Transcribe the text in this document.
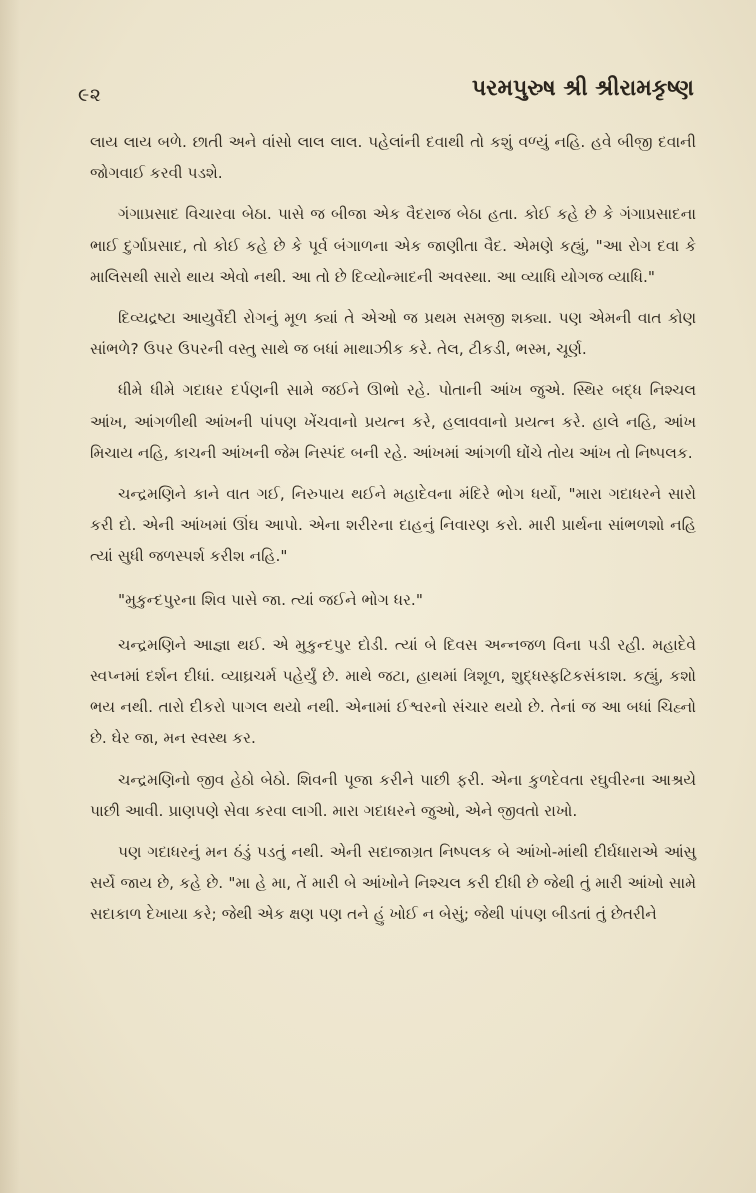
૯૨	પરમપુરુષ શ્રી શ્રીરામકૃષ્ણ

લાય લાય બળે. છાતી અને વાંસો લાલ લાલ. પહેલાંની દવાથી તો કશું વળ્યું નહિ. હવે બીજી દવાની જોગવાઈ કરવી પડશે.

ગંગાપ્રસાદ વિચારવા બેઠા. પાસે જ બીજા એક વૈદરાજ બેઠા હતા. કોઈ કહે છે કે ગંગાપ્રસાદના ભાઈ દુર્ગાપ્રસાદ, તો કોઈ કહે છે કે પૂર્વ બંગાળના એક જાણીતા વૈદ. એમણે કહ્યું, "આ રોગ દવા કે માલિસથી સારો થાય એવો નથી. આ તો છે દિવ્યોન્માદની અવસ્થા. આ વ્યાધિ યોગજ વ્યાધિ."

દિવ્યદ્રષ્ટા આયુર્વેદી રોગનું મૂળ ક્યાં તે એઓ જ પ્રથમ સમજી શક્યા. પણ એમની વાત કોણ સાંભળે? ઉપર ઉપરની વસ્તુ સાથે જ બધાં માથાઝીક કરે. તેલ, ટીકડી, ભસ્મ, ચૂર્ણ.

ધીમે ધીમે ગદાધર દર્પણની સામે જઈને ઊભો રહે. પોતાની આંખ જુએ. સ્થિર બદ્ધ નિશ્ચલ આંખ, આંગળીથી આંખની પાંપણ ખેંચવાનો પ્રયત્ન કરે, હલાવવાનો પ્રયત્ન કરે. હાલે નહિ, આંખ મિચાય નહિ, કાચની આંખની જેમ નિસ્પંદ બની રહે. આંખમાં આંગળી ઘોંચે તોય આંખ તો નિષ્પલક.

ચન્દ્રમણિને કાને વાત ગઈ, નિરુપાય થઈને મહાદેવના મંદિરે ભોગ ધર્યો, "મારા ગદાધરને સારો કરી દો. એની આંખમાં ઊંઘ આપો. એના શરીરના દાહનું નિવારણ કરો. મારી પ્રાર્થના સાંભળશો નહિ ત્યાં સુધી જળસ્પર્શ કરીશ નહિ."

"મુકુન્દપુરના શિવ પાસે જા. ત્યાં જઈને ભોગ ધર."

ચન્દ્રમણિને આજ્ઞા થઈ. એ મુકુન્દપુર દોડી. ત્યાં બે દિવસ અન્નજળ વિના પડી રહી. મહાદેવે સ્વપ્નમાં દર્શન દીધાં. વ્યાઘ્રચર્મ પહેર્યું છે. માથે જટા, હાથમાં ત્રિશૂળ, શુદ્ધસ્ફટિકસંકાશ. કહ્યું, કશો ભય નથી. તારો દીકરો પાગલ થયો નથી. એનામાં ઈશ્વરનો સંચાર થયો છે. તેનાં જ આ બધાં ચિહ્નો છે. ઘેર જા, મન સ્વસ્થ કર.

ચન્દ્રમણિનો જીવ હેઠો બેઠો. શિવની પૂજા કરીને પાછી ફરી. એના કુળદેવતા રઘુવીરના આશ્રયે પાછી આવી. પ્રાણપણે સેવા કરવા લાગી. મારા ગદાધરને જુઓ, એને જીવતો રાખો.

પણ ગદાધરનું મન ઠંડું પડતું નથી. એની સદાજાગ્રત નિષ્પલક બે આંખો-માંથી દીર્ઘધારાએ આંસુ સર્યે જાય છે, કહે છે. "મા હે મા, તેં મારી બે આંખોને નિશ્ચલ કરી દીધી છે જેથી તું મારી આંખો સામે સદાકાળ દેખાયા કરે; જેથી એક ક્ષણ પણ તને હું ખોઈ ન બેસું; જેથી પાંપણ બીડતાં તું છેતરીને
